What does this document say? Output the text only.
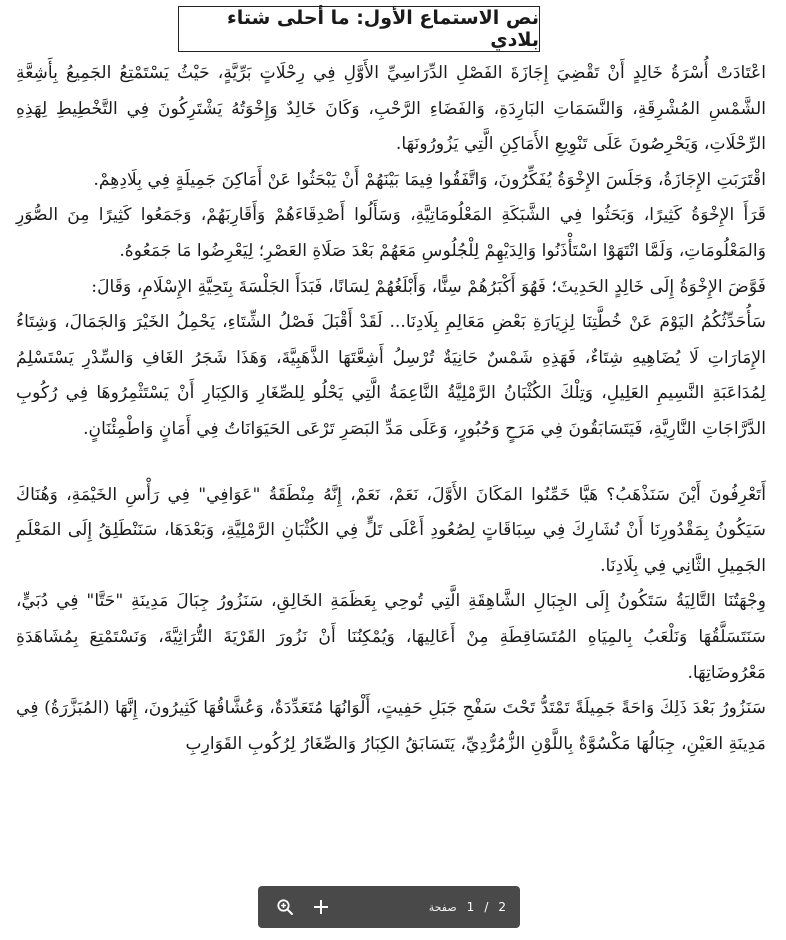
نص الاستماع الأول: ما أحلى شتاء بلادي

اعْتَادَتْ أُسْرَةُ خَالِدٍ أَنْ تَقْضِيَ إِجَازَةَ الفَصْلِ الدِّرَاسِيِّ الأَوَّلِ فِي رِحْلَاتٍ بَرِّيَّةٍ، حَيْثُ يَسْتَمْتِعُ الجَمِيعُ بِأَشِعَّةِ الشَّمْسِ المُشْرِقَةِ، وَالنَّسَمَاتِ البَارِدَةِ، وَالفَضَاءِ الرَّحْبِ، وَكَانَ خَالِدٌ وَإِخْوَتُهُ يَشْتَرِكُونَ فِي التَّخْطِيطِ لِهَذِهِ الرِّحْلَاتِ، وَيَحْرِصُونَ عَلَى تَنْوِيعِ الأَمَاكِنِ الَّتِي يَزُورُونَهَا.

اقْتَرَبَتِ الإِجَازَةُ، وَجَلَسَ الإِخْوَةُ يُفَكِّرُونَ، وَاتَّفَقُوا فِيمَا بَيْنَهُمْ أَنْ يَبْحَثُوا عَنْ أَمَاكِنَ جَمِيلَةٍ فِي بِلَادِهِمْ.

قَرَأَ الإِخْوَةُ كَثِيرًا، وَبَحَثُوا فِي الشَّبَكَةِ المَعْلُومَاتِيَّةِ، وَسَأَلُوا أَصْدِقَاءَهُمْ وَأَقَارِبَهُمْ، وَجَمَعُوا كَثِيرًا مِنَ الصُّوَرِ وَالمَعْلُومَاتِ، وَلَمَّا انْتَهَوْا اسْتَأْذَنُوا وَالِدَيْهِمْ لِلْجُلُوسِ مَعَهُمْ بَعْدَ صَلَاةِ العَصْرِ؛ لِيَعْرِضُوا مَا جَمَعُوهُ.

فَوَّضَ الإِخْوَةُ إِلَى خَالِدٍ الحَدِيثَ؛ فَهُوَ أَكْبَرُهُمْ سِنًّا، وَأَبْلَغُهُمْ لِسَانًا، فَبَدَأَ الجَلْسَةَ بِتَحِيَّةِ الإِسْلَامِ، وَقَالَ:

سَأُحَدِّثُكُمُ اليَوْمَ عَنْ خُطَّتِنَا لِزِيَارَةِ بَعْضِ مَعَالِمِ بِلَادِنَا... لَقَدْ أَقْبَلَ فَصْلُ الشِّتَاءِ، يَحْمِلُ الخَيْرَ وَالجَمَالَ، وَشِتَاءُ الإِمَارَاتِ لَا يُضَاهِيهِ شِتَاءٌ، فَهَذِهِ شَمْسٌ حَانِيَةٌ تُرْسِلُ أَشِعَّتَهَا الذَّهَبِيَّةَ، وَهَذَا شَجَرُ الغَافِ وَالسِّدْرِ يَسْتَسْلِمُ لِمُدَاعَبَةِ النَّسِيمِ العَلِيلِ، وَتِلْكَ الكُثْبَانُ الرَّمْلِيَّةُ النَّاعِمَةُ الَّتِي يَحْلُو لِلصِّغَارِ وَالكِبَارِ أَنْ يَسْتَثْمِرُوهَا فِي رُكُوبِ الدَّرَّاجَاتِ النَّارِيَّةِ، فَيَتَسَابَقُونَ فِي مَرَحٍ وَحُبُورٍ، وَعَلَى مَدِّ البَصَرِ تَرْعَى الحَيَوَانَاتُ فِي أَمَانٍ وَاطْمِئْنَانٍ.

أَتَعْرِفُونَ أَيْنَ سَنَذْهَبُ؟ هَيَّا خَمِّنُوا المَكَانَ الأَوَّلَ، نَعَمْ، نَعَمْ، إِنَّهُ مِنْطَقَةُ "عَوَافِي" فِي رَأْسِ الخَيْمَةِ، وَهُنَاكَ سَيَكُونُ بِمَقْدُورِنَا أَنْ نُشَارِكَ فِي سِبَاقَاتٍ لِصُعُودِ أَعْلَى تَلٍّ فِي الكُثْبَانِ الرَّمْلِيَّةِ، وَبَعْدَهَا، سَنَنْطَلِقُ إِلَى المَعْلَمِ الجَمِيلِ الثَّانِي فِي بِلَادِنَا.

وِجْهَتُنَا التَّالِيَةُ سَتَكُونُ إِلَى الجِبَالِ الشَّاهِقَةِ الَّتِي تُوحِي بِعَظَمَةِ الخَالِقِ، سَنَزُورُ جِبَالَ مَدِينَةِ "حَتَّا" فِي دُبَيٍّ، سَنَتَسَلَّقُهَا وَنَلْعَبُ بِالمِيَاهِ المُتَسَاقِطَةِ مِنْ أَعَالِيهَا، وَيُمْكِنُنَا أَنْ نَزُورَ القَرْيَةَ التُّرَاثِيَّةَ، وَنَسْتَمْتِعَ بِمُشَاهَدَةِ مَعْرُوضَاتِهَا.

سَنَزُورُ بَعْدَ ذَلِكَ وَاحَةً جَمِيلَةً تَمْتَدُّ تَحْتَ سَفْحِ جَبَلِ حَفِيتٍ، أَلْوَانُهَا مُتَعَدِّدَةٌ، وَعُشَّاقُهَا كَثِيرُونَ، إِنَّهَا (المُبَزَّرَةُ) فِي مَدِينَةِ العَيْنِ، جِبَالُهَا مَكْسُوَّةٌ بِاللَّوْنِ الزُّمُرُّدِيِّ، يَتَسَابَقُ الكِبَارُ وَالصِّغَارُ لِرُكُوبِ القَوَارِبِ

صفحة 1 / 2
